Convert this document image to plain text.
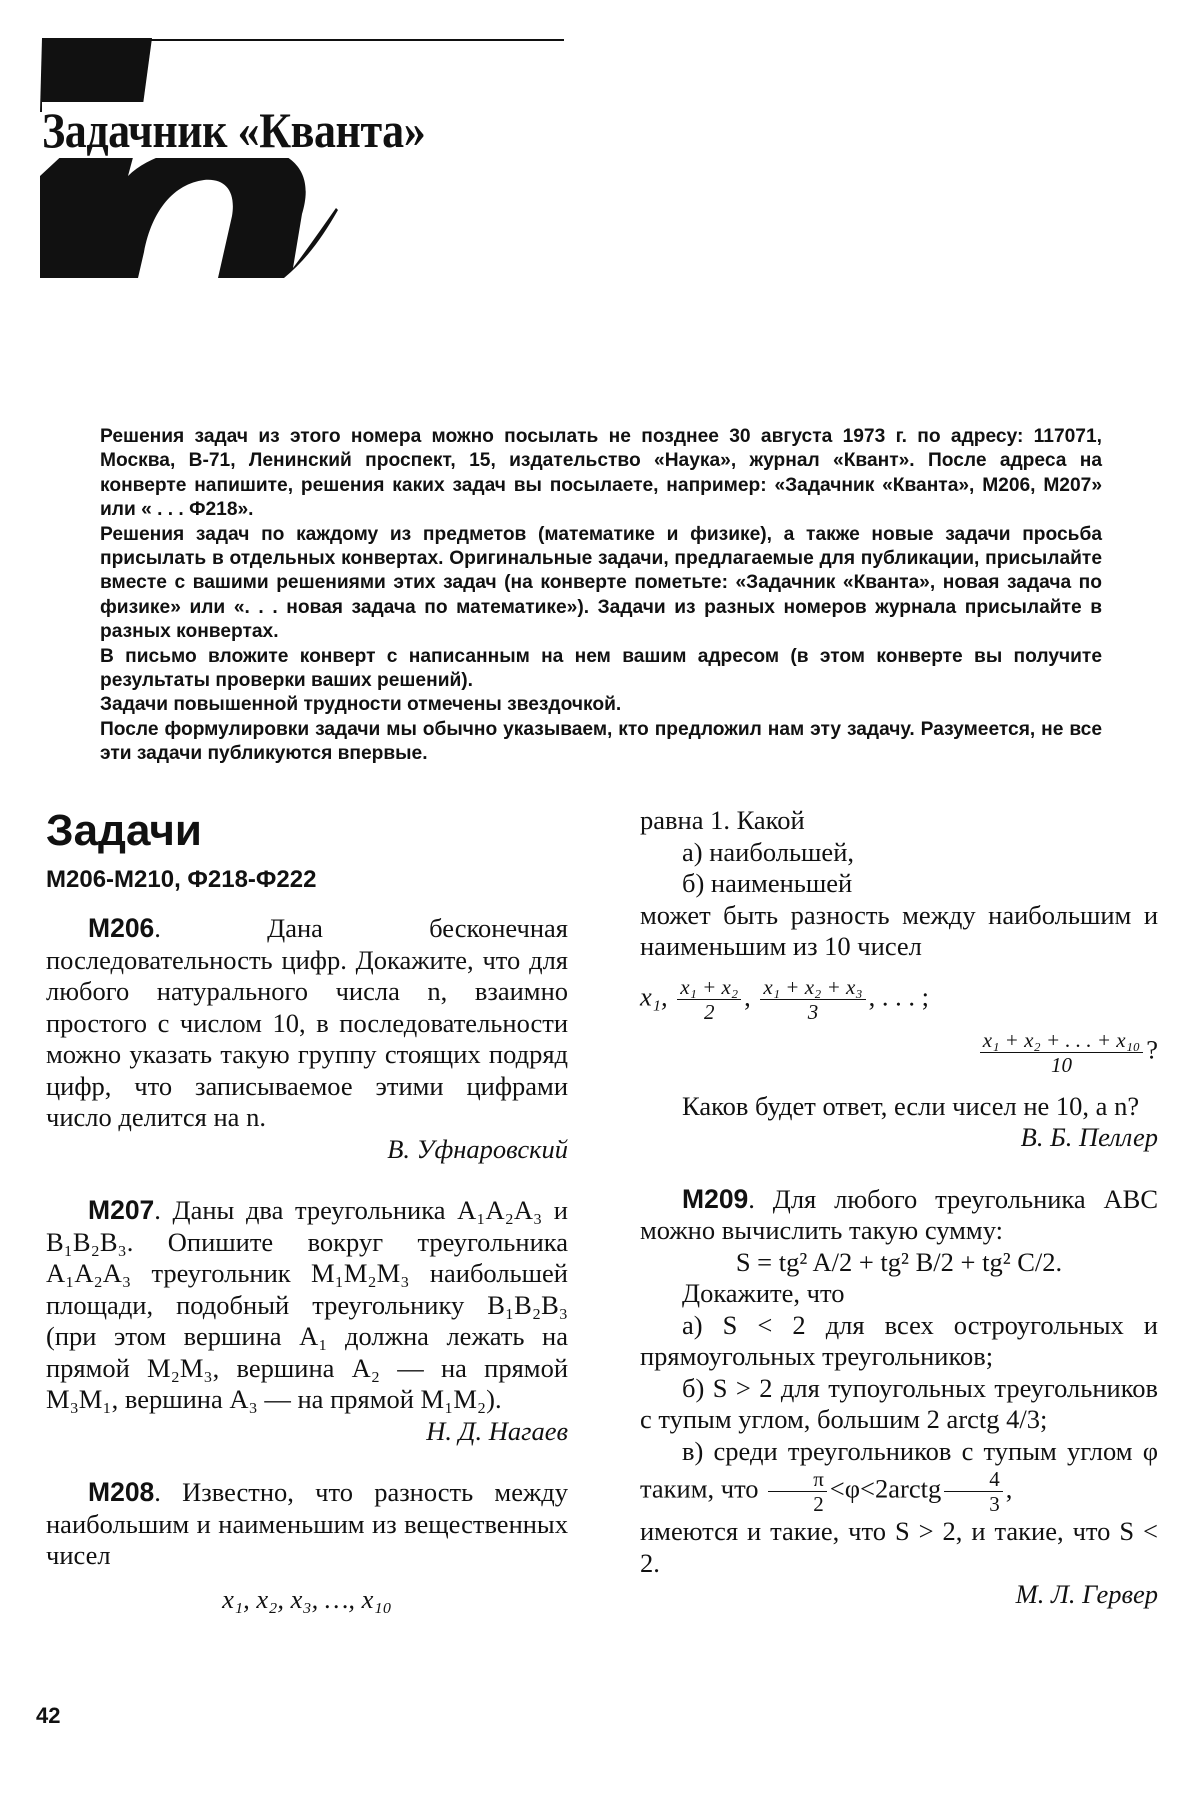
Задачник «Кванта»

Решения задач из этого номера можно посылать не позднее 30 августа 1973 г. по адресу: 117071, Москва, В-71, Ленинский проспект, 15, издательство «Наука», журнал «Квант». После адреса на конверте напишите, решения каких задач вы посылаете, например: «Задачник «Кванта», М206, М207» или « . . . Ф218».

Решения задач по каждому из предметов (математике и физике), а также новые задачи просьба присылать в отдельных конвертах. Оригинальные задачи, предлагаемые для публикации, присылайте вместе с вашими решениями этих задач (на конверте пометьте: «Задачник «Кванта», новая задача по физике» или «. . . новая задача по математике»). Задачи из разных номеров журнала присылайте в разных конвертах.

В письмо вложите конверт с написанным на нем вашим адресом (в этом конверте вы получите результаты проверки ваших решений).

Задачи повышенной трудности отмечены звездочкой.

После формулировки задачи мы обычно указываем, кто предложил нам эту задачу. Разумеется, не все эти задачи публикуются впервые.

Задачи
М206-М210, Ф218-Ф222

М206. Дана бесконечная последовательность цифр. Докажите, что для любого натурального числа n, взаимно простого с числом 10, в последовательности можно указать такую группу стоящих подряд цифр, что записываемое этими цифрами число делится на n.

В. Уфнаровский

М207. Даны два треугольника A₁A₂A₃ и B₁B₂B₃. Опишите вокруг треугольника A₁A₂A₃ треугольник M₁M₂M₃ наибольшей площади, подобный треугольнику B₁B₂B₃ (при этом вершина A₁ должна лежать на прямой M₂M₃, вершина A₂ — на прямой M₃M₁, вершина A₃ — на прямой M₁M₂).

Н. Д. Нагаев

М208. Известно, что разность между наибольшим и наименьшим из вещественных чисел

x₁, x₂, x₃, …, x₁₀

равна 1. Какой

а) наибольшей,

б) наименьшей

может быть разность между наибольшим и наименьшим из 10 чисел

x₁, $\frac{\text{x₁ + x₂}}{2}$ , $\frac{\text{x₁ + x₂ + x₃}}{3}$ , . . . ;
$\frac{\text{x₁ + x₂ + . . . + x₁₀}}{10}$ ?

Каков будет ответ, если чисел не 10, а n?

В. Б. Пеллер

М209. Для любого треугольника ABC можно вычислить такую сумму:

S = tg² A/2 + tg² B/2 + tg² C/2.

Докажите, что

а) S < 2 для всех остроугольных и прямоугольных треугольников;

б) S > 2 для тупоугольных треугольников с тупым углом, большим 2 arctg 4/3;

в) среди треугольников с тупым углом φ таким, что $\frac{\pi}{2}$ <φ<2arctg $\frac{4}{3}$ ,

имеются и такие, что S > 2, и такие, что S < 2.

М. Л. Гервер

42
